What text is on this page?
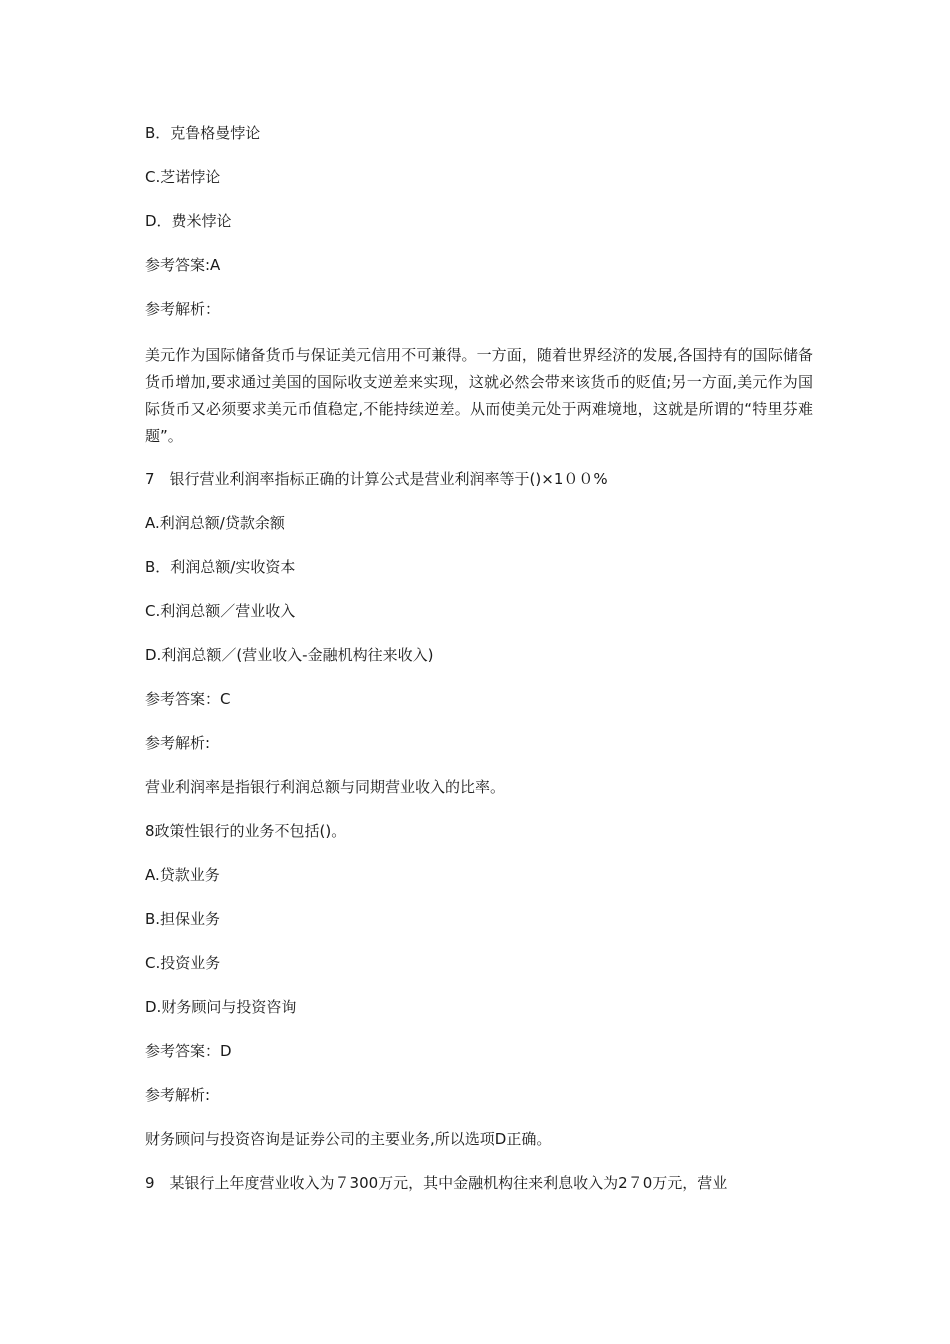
B．克鲁格曼悖论

C.芝诺悖论

D．费米悖论

参考答案:A

参考解析：

美元作为国际储备货币与保证美元信用不可兼得。一方面，随着世界经济的发展,各国持有的国际储备货币增加,要求通过美国的国际收支逆差来实现，这就必然会带来该货币的贬值;另一方面,美元作为国际货币又必须要求美元币值稳定,不能持续逆差。从而使美元处于两难境地，这就是所谓的“特里芬难题”。

7　银行营业利润率指标正确的计算公式是营业利润率等于()×1００%

A.利润总额/贷款余额

B．利润总额/实收资本

C.利润总额／营业收入

D.利润总额／(营业收入-金融机构往来收入)

参考答案：C

参考解析:

营业利润率是指银行利润总额与同期营业收入的比率。

8政策性银行的业务不包括()。

A.贷款业务

B.担保业务

C.投资业务

D.财务顾问与投资咨询

参考答案：D

参考解析:

财务顾问与投资咨询是证券公司的主要业务,所以选项D正确。

9　某银行上年度营业收入为７300万元，其中金融机构往来利息收入为2７0万元，营业
